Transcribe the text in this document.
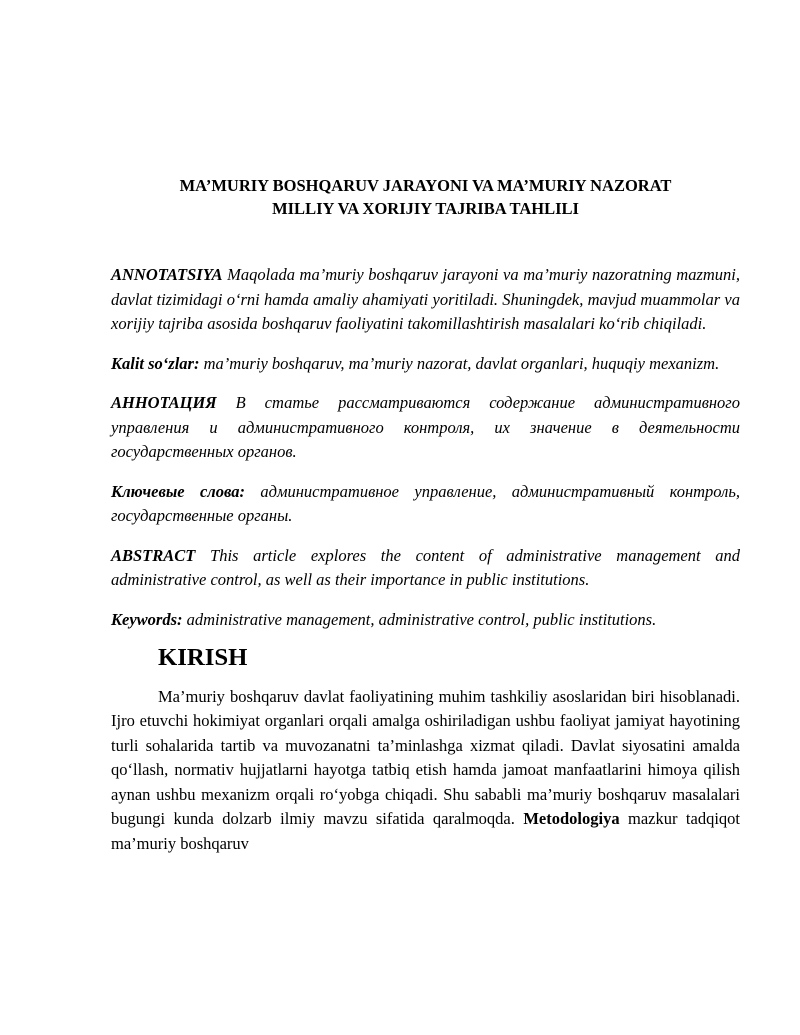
MA’MURIY BOSHQARUV JARAYONI VA MA’MURIY NAZORAT
MILLIY VA XORIJIY TAJRIBA TAHLILI

ANNOTATSIYA Maqolada ma’muriy boshqaruv jarayoni va ma’muriy nazoratning mazmuni, davlat tizimidagi o‘rni hamda amaliy ahamiyati yoritiladi. Shuningdek, mavjud muammolar va xorijiy tajriba asosida boshqaruv faoliyatini takomillashtirish masalalari ko‘rib chiqiladi.

Kalit so‘zlar: ma’muriy boshqaruv, ma’muriy nazorat, davlat organlari, huquqiy mexanizm.

АННОТАЦИЯ В статье рассматриваются содержание административного управления и административного контроля, их значение в деятельности государственных органов.

Ключевые слова: административное управление, административный контроль, государственные органы.

ABSTRACT This article explores the content of administrative management and administrative control, as well as their importance in public institutions.

Keywords: administrative management, administrative control, public institutions.

KIRISH

Ma’muriy boshqaruv davlat faoliyatining muhim tashkiliy asoslaridan biri hisoblanadi. Ijro etuvchi hokimiyat organlari orqali amalga oshiriladigan ushbu faoliyat jamiyat hayotining turli sohalarida tartib va muvozanatni ta’minlashga xizmat qiladi. Davlat siyosatini amalda qo‘llash, normativ hujjatlarni hayotga tatbiq etish hamda jamoat manfaatlarini himoya qilish aynan ushbu mexanizm orqali ro‘yobga chiqadi. Shu sababli ma’muriy boshqaruv masalalari bugungi kunda dolzarb ilmiy mavzu sifatida qaralmoqda. Metodologiya mazkur tadqiqot ma’muriy boshqaruv
